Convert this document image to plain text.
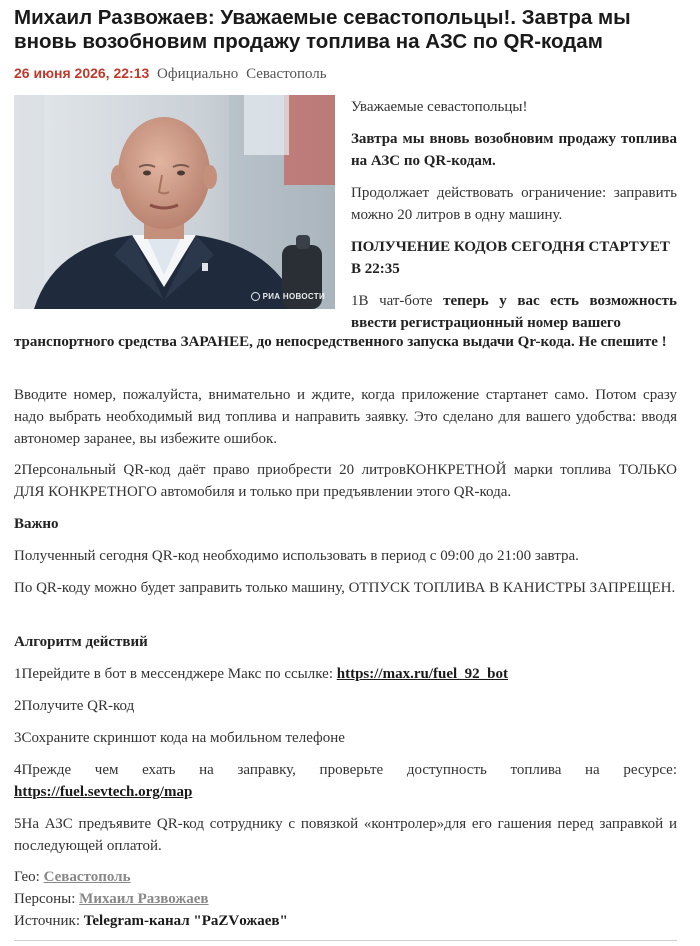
Михаил Развожаев: Уважаемые севастопольцы!. Завтра мы вновь возобновим продажу топлива на АЗС по QR-кодам
26 июня 2026, 22:13 Официально Севастополь
РИА НОВОСТИ

Уважаемые севастопольцы!

Завтра мы вновь возобновим продажу топлива на АЗС по QR-кодам.

Продолжает действовать ограничение: заправить можно 20 литров в одну машину.

ПОЛУЧЕНИЕ КОДОВ СЕГОДНЯ СТАРТУЕТ В 22:35

1В чат-боте теперь у вас есть возможность ввести регистрационный номер вашего

транспортного средства ЗАРАНЕЕ, до непосредственного запуска выдачи Qr-кода. Не спешите !

Вводите номер, пожалуйста, внимательно и ждите, когда приложение стартанет само. Потом сразу надо выбрать необходимый вид топлива и направить заявку. Это сделано для вашего удобства: вводя автономер заранее, вы избежите ошибок.

2Персональный QR-код даёт право приобрести 20 литровКОНКРЕТНОЙ марки топлива ТОЛЬКО ДЛЯ КОНКРЕТНОГО автомобиля и только при предъявлении этого QR-кода.

Важно

Полученный сегодня QR-код необходимо использовать в период с 09:00 до 21:00 завтра.

По QR-коду можно будет заправить только машину, ОТПУСК ТОПЛИВА В КАНИСТРЫ ЗАПРЕЩЕН.

Алгоритм действий

1Перейдите в бот в мессенджере Макс по ссылке: https://max.ru/fuel_92_bot

2Получите QR-код

3Сохраните скриншот кода на мобильном телефоне

4Прежде чем ехать на заправку, проверьте доступность топлива на ресурсе: https://fuel.sevtech.org/map

5На АЗС предъявите QR-код сотруднику с повязкой «контролер»для его гашения перед заправкой и последующей оплатой.

Гео: Севастополь
Персоны: Михаил Развожаев
Источник: Telegram-канал "PaZVожаев"
